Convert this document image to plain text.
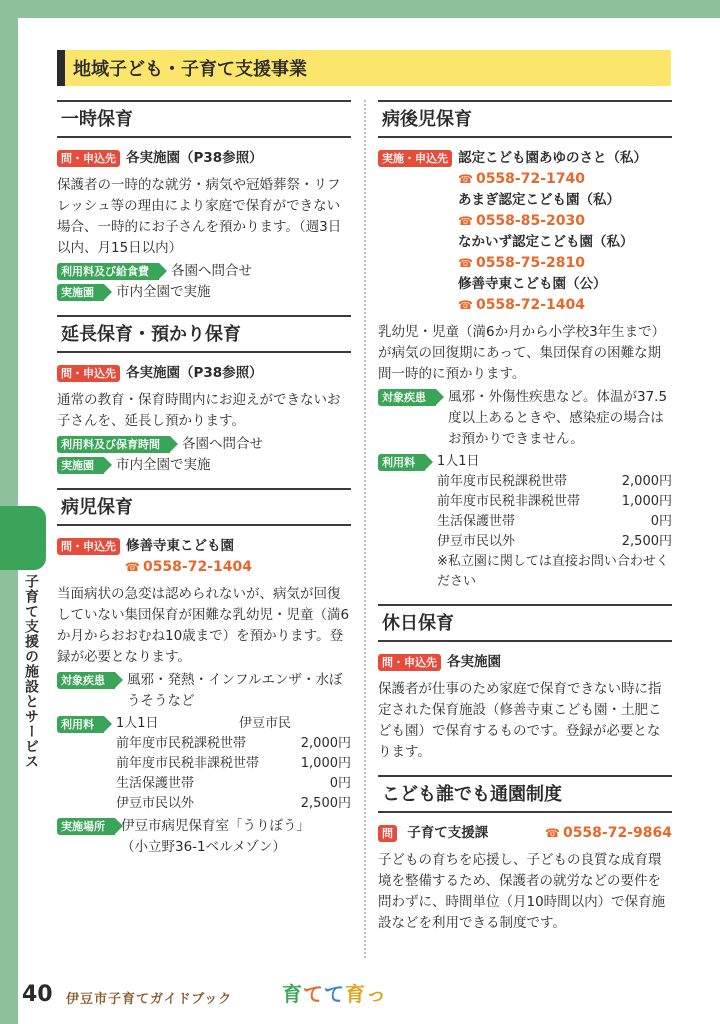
子育て支援の施設とサービス
地域子ども・子育て支援事業
一時保育
問・申込先 各実施園（P38参照）
保護者の一時的な就労・病気や冠婚葬祭・リフレッシュ等の理由により家庭で保育ができない場合、一時的にお子さんを預かります。（週3日以内、月15日以内）
利用料及び給食費	各園へ問合せ
実施園	市内全園で実施
延長保育・預かり保育
問・申込先 各実施園（P38参照）
通常の教育・保育時間内にお迎えができないお子さんを、延長し預かります。
利用料及び保育時間	各園へ問合せ
実施園	市内全園で実施
病児保育
問・申込先 修善寺東こども園
☎ 0558-72-1404
当面病状の急変は認められないが、病気が回復していない集団保育が困難な乳幼児・児童（満6か月からおおむね10歳まで）を預かります。登録が必要となります。
対象疾患	風邪・発熱・インフルエンザ・水ぼうそうなど
利用料	1人1日	伊豆市民
前年度市民税課税世帯	2,000円
前年度市民税非課税世帯	1,000円
生活保護世帯	0円
伊豆市民以外	2,500円
実施場所	伊豆市病児保育室「うりぼう」
（小立野36-1ベルメゾン）
病後児保育
実施・申込先 認定こども園あゆのさと（私）
☎ 0558-72-1740
あまぎ認定こども園（私）
☎ 0558-85-2030
なかいず認定こども園（私）
☎ 0558-75-2810
修善寺東こども園（公）
☎ 0558-72-1404
乳幼児・児童（満6か月から小学校3年生まで）が病気の回復期にあって、集団保育の困難な期間一時的に預かります。
対象疾患	風邪・外傷性疾患など。体温が37.5度以上あるときや、感染症の場合はお預かりできません。
利用料	1人1日
前年度市民税課税世帯	2,000円
前年度市民税非課税世帯	1,000円
生活保護世帯	0円
伊豆市民以外	2,500円
※私立園に関しては直接お問い合わせください
休日保育
問・申込先 各実施園
保護者が仕事のため家庭で保育できない時に指定された保育施設（修善寺東こども園・土肥こども園）で保育するものです。登録が必要となります。
こども誰でも通園制度
問 子育て支援課
☎	0558-72-9864
子どもの育ちを応援し、子どもの良質な成育環境を整備するため、保護者の就労などの要件を問わずに、時間単位（月10時間以内）で保育施設などを利用できる制度です。
40 伊豆市子育てガイドブック 育てて育っ
